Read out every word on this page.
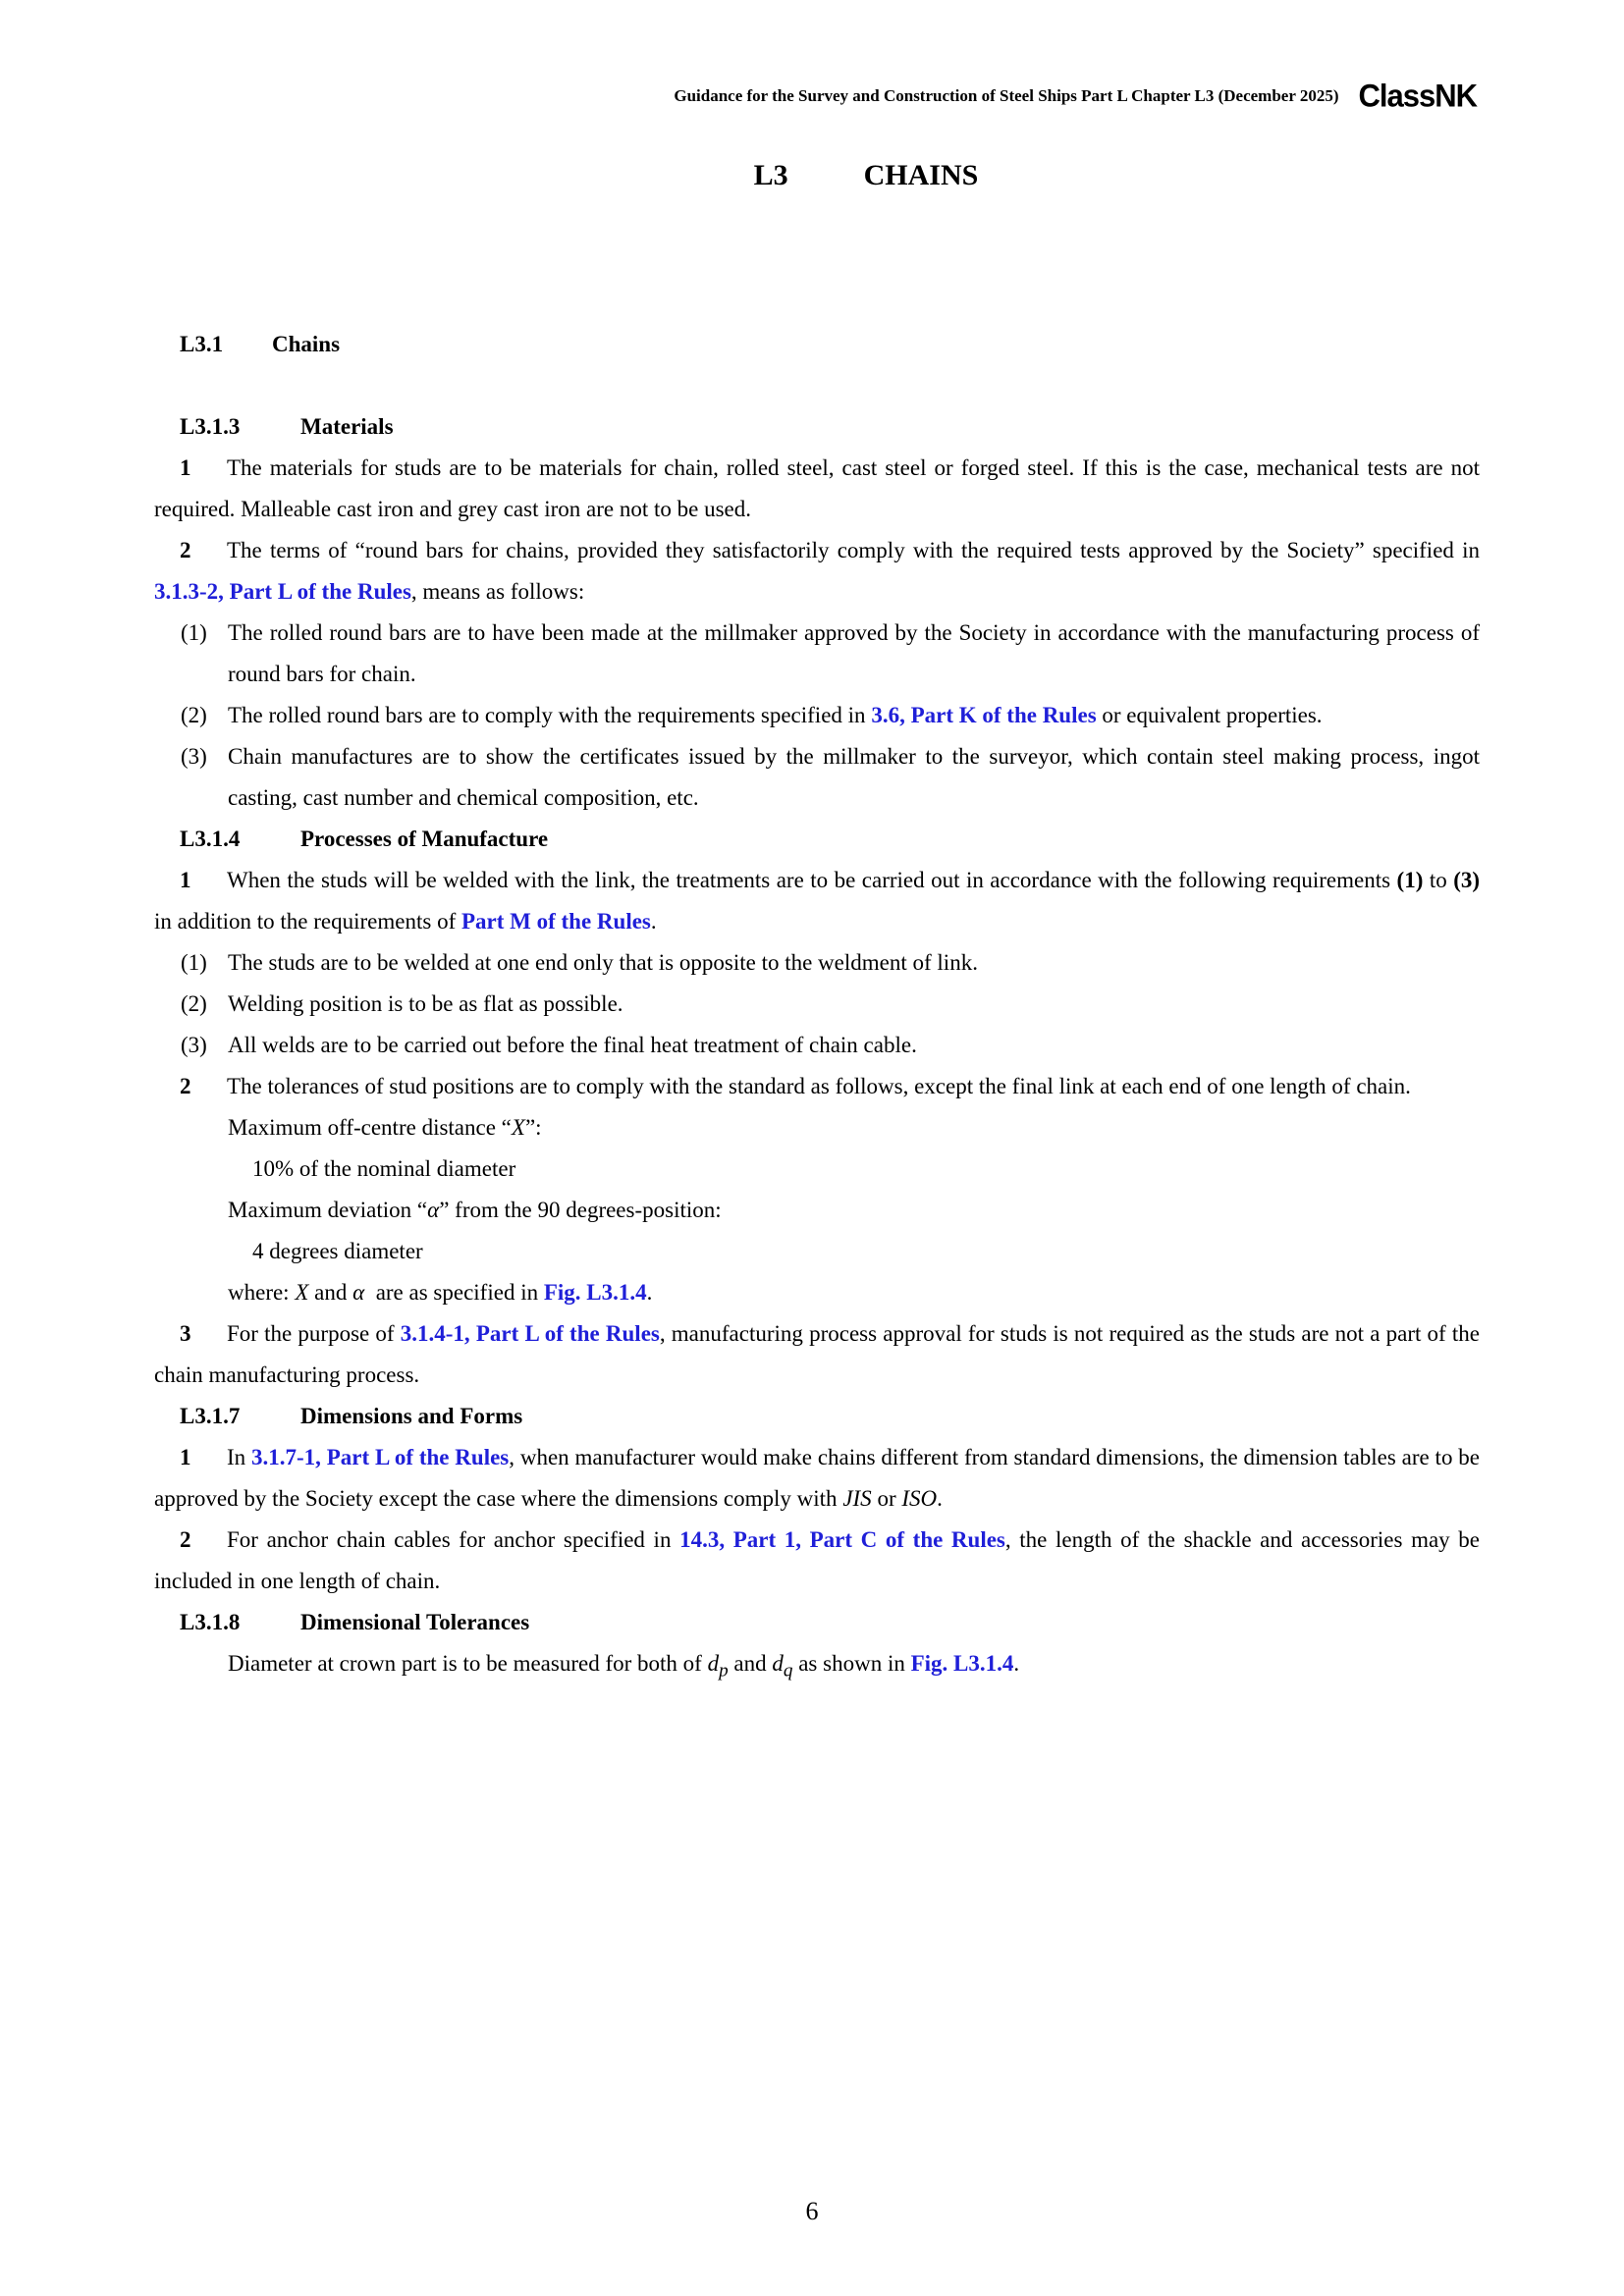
Guidance for the Survey and Construction of Steel Ships Part L Chapter L3 (December 2025) ClassNK
L3	CHAINS
L3.1 Chains
L3.1.3	Materials
1 The materials for studs are to be materials for chain, rolled steel, cast steel or forged steel. If this is the case, mechanical tests are not required. Malleable cast iron and grey cast iron are not to be used.
2 The terms of “round bars for chains, provided they satisfactorily comply with the required tests approved by the Society” specified in 3.1.3-2, Part L of the Rules, means as follows:
(1) The rolled round bars are to have been made at the millmaker approved by the Society in accordance with the manufacturing process of round bars for chain.
(2) The rolled round bars are to comply with the requirements specified in 3.6, Part K of the Rules or equivalent properties.
(3) Chain manufactures are to show the certificates issued by the millmaker to the surveyor, which contain steel making process, ingot casting, cast number and chemical composition, etc.
L3.1.4	Processes of Manufacture
1 When the studs will be welded with the link, the treatments are to be carried out in accordance with the following requirements (1) to (3) in addition to the requirements of Part M of the Rules.
(1) The studs are to be welded at one end only that is opposite to the weldment of link.
(2) Welding position is to be as flat as possible.
(3) All welds are to be carried out before the final heat treatment of chain cable.
2 The tolerances of stud positions are to comply with the standard as follows, except the final link at each end of one length of chain.
Maximum off-centre distance “X”:
10% of the nominal diameter
Maximum deviation “α” from the 90 degrees-position:
4 degrees diameter
where: X and α  are as specified in Fig. L3.1.4.
3 For the purpose of 3.1.4-1, Part L of the Rules, manufacturing process approval for studs is not required as the studs are not a part of the chain manufacturing process.
L3.1.7	Dimensions and Forms
1 In 3.1.7-1, Part L of the Rules, when manufacturer would make chains different from standard dimensions, the dimension tables are to be approved by the Society except the case where the dimensions comply with JIS or ISO.
2 For anchor chain cables for anchor specified in 14.3, Part 1, Part C of the Rules, the length of the shackle and accessories may be included in one length of chain.
L3.1.8	Dimensional Tolerances
Diameter at crown part is to be measured for both of $d_p$ and $d_q$ as shown in Fig. L3.1.4.
6
